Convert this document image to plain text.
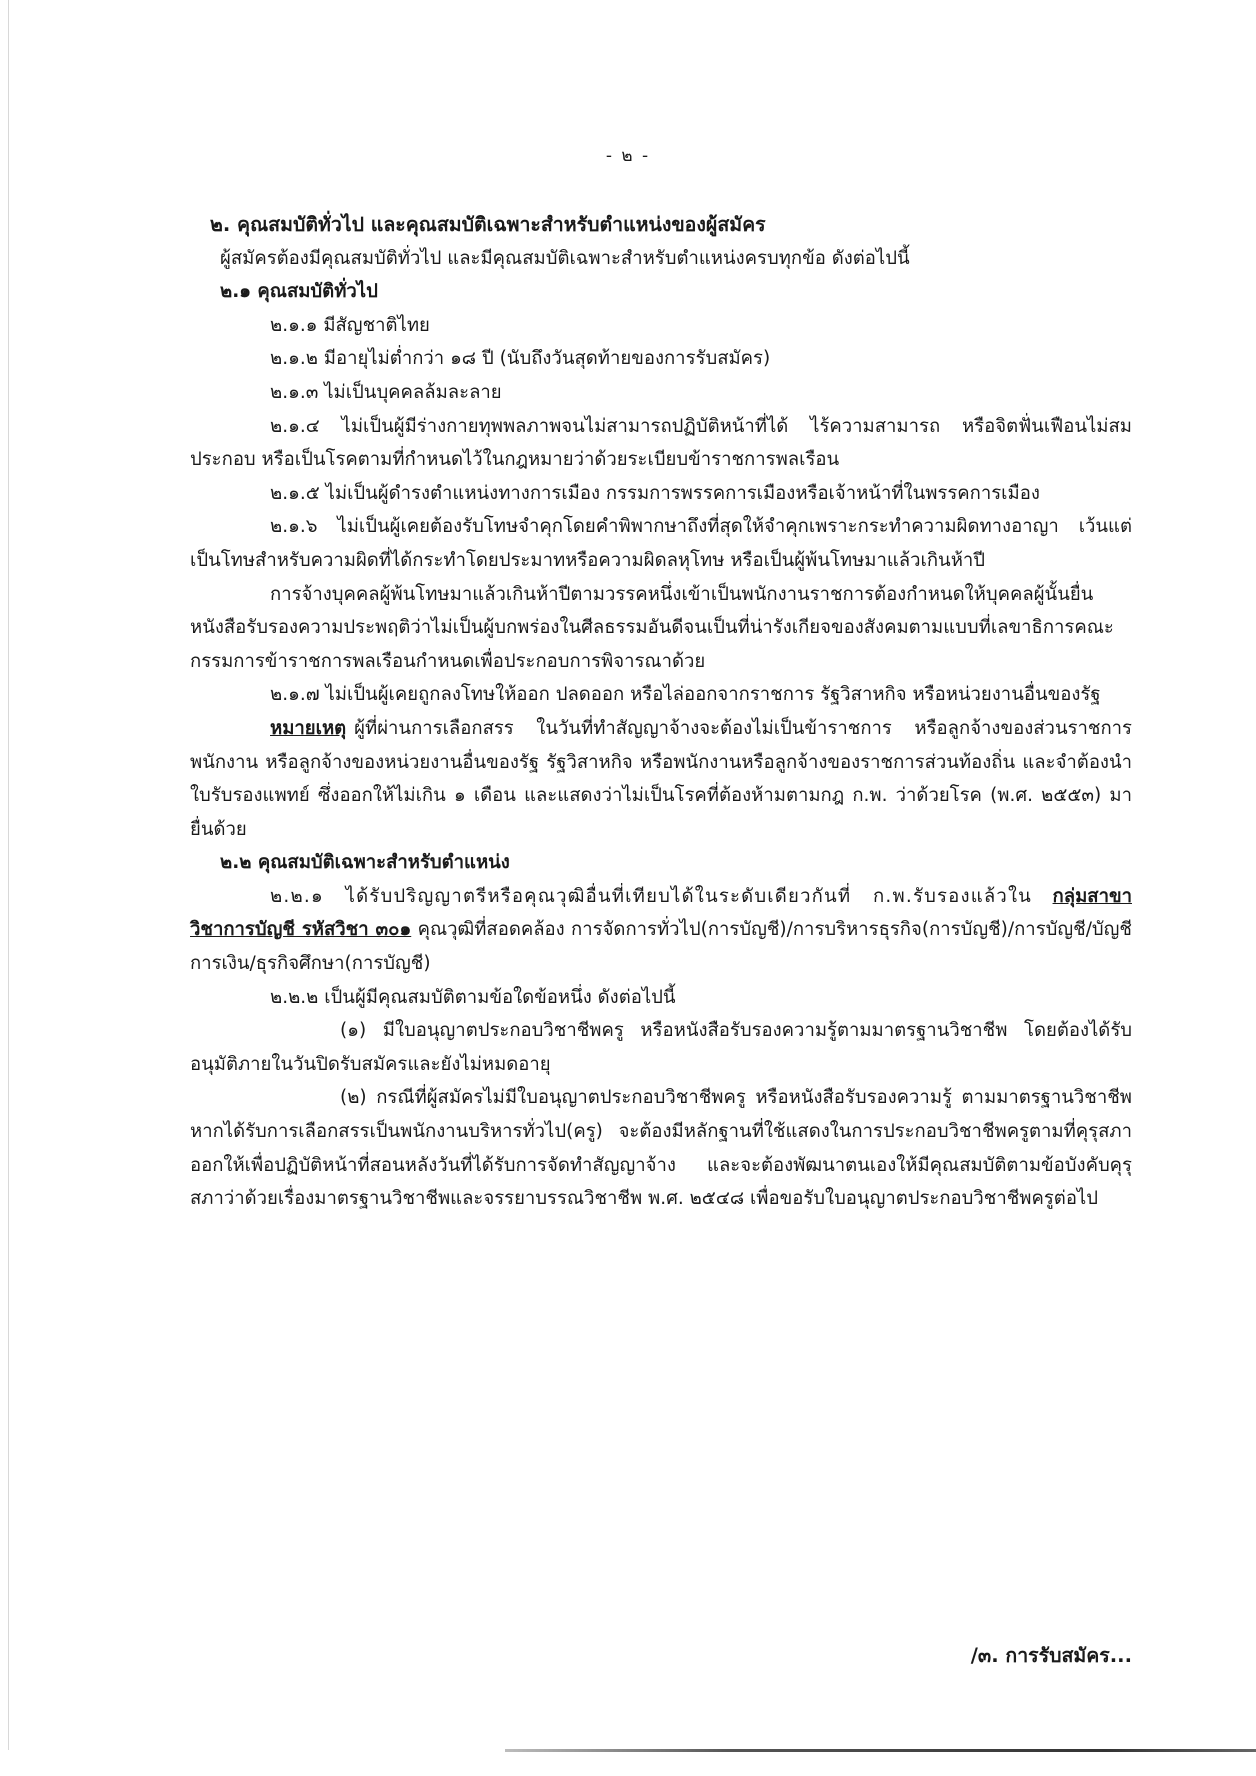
- ๒ -
๒. คุณสมบัติทั่วไป และคุณสมบัติเฉพาะสำหรับตำแหน่งของผู้สมัคร
ผู้สมัครต้องมีคุณสมบัติทั่วไป และมีคุณสมบัติเฉพาะสำหรับตำแหน่งครบทุกข้อ ดังต่อไปนี้
๒.๑ คุณสมบัติทั่วไป
๒.๑.๑ มีสัญชาติไทย
๒.๑.๒ มีอายุไม่ต่ำกว่า ๑๘ ปี (นับถึงวันสุดท้ายของการรับสมัคร)
๒.๑.๓ ไม่เป็นบุคคลล้มละลาย
๒.๑.๔ ไม่เป็นผู้มีร่างกายทุพพลภาพจนไม่สามารถปฏิบัติหน้าที่ได้ ไร้ความสามารถ หรือจิตฟั่นเฟือนไม่สมประกอบ หรือเป็นโรคตามที่กำหนดไว้ในกฎหมายว่าด้วยระเบียบข้าราชการพลเรือน
๒.๑.๕ ไม่เป็นผู้ดำรงตำแหน่งทางการเมือง กรรมการพรรคการเมืองหรือเจ้าหน้าที่ในพรรคการเมือง
๒.๑.๖ ไม่เป็นผู้เคยต้องรับโทษจำคุกโดยคำพิพากษาถึงที่สุดให้จำคุกเพราะกระทำความผิดทางอาญา เว้นแต่เป็นโทษสำหรับความผิดที่ได้กระทำโดยประมาทหรือความผิดลหุโทษ หรือเป็นผู้พ้นโทษมาแล้วเกินห้าปี
การจ้างบุคคลผู้พ้นโทษมาแล้วเกินห้าปีตามวรรคหนึ่งเข้าเป็นพนักงานราชการต้องกำหนดให้บุคคลผู้นั้นยื่นหนังสือรับรองความประพฤติว่าไม่เป็นผู้บกพร่องในศีลธรรมอันดีจนเป็นที่น่ารังเกียจของสังคมตามแบบที่เลขาธิการคณะกรรมการข้าราชการพลเรือนกำหนดเพื่อประกอบการพิจารณาด้วย
๒.๑.๗ ไม่เป็นผู้เคยถูกลงโทษให้ออก ปลดออก หรือไล่ออกจากราชการ รัฐวิสาหกิจ หรือหน่วยงานอื่นของรัฐ
หมายเหตุ ผู้ที่ผ่านการเลือกสรร ในวันที่ทำสัญญาจ้างจะต้องไม่เป็นข้าราชการ หรือลูกจ้างของส่วนราชการ พนักงาน หรือลูกจ้างของหน่วยงานอื่นของรัฐ รัฐวิสาหกิจ หรือพนักงานหรือลูกจ้างของราชการส่วนท้องถิ่น และจำต้องนำใบรับรองแพทย์ ซึ่งออกให้ไม่เกิน ๑ เดือน และแสดงว่าไม่เป็นโรคที่ต้องห้ามตามกฎ ก.พ. ว่าด้วยโรค (พ.ศ. ๒๕๕๓) มายื่นด้วย
๒.๒ คุณสมบัติเฉพาะสำหรับตำแหน่ง
๒.๒.๑ ได้รับปริญญาตรีหรือคุณวุฒิอื่นที่เทียบได้ในระดับเดียวกันที่ ก.พ.รับรองแล้วใน กลุ่มสาขาวิชาการบัญชี รหัสวิชา ๓๐๑ คุณวุฒิที่สอดคล้อง การจัดการทั่วไป(การบัญชี)/การบริหารธุรกิจ(การบัญชี)/การบัญชี/บัญชีการเงิน/ธุรกิจศึกษา(การบัญชี)
๒.๒.๒ เป็นผู้มีคุณสมบัติตามข้อใดข้อหนึ่ง ดังต่อไปนี้
(๑) มีใบอนุญาตประกอบวิชาชีพครู หรือหนังสือรับรองความรู้ตามมาตรฐานวิชาชีพ โดยต้องได้รับอนุมัติภายในวันปิดรับสมัครและยังไม่หมดอายุ
(๒) กรณีที่ผู้สมัครไม่มีใบอนุญาตประกอบวิชาชีพครู หรือหนังสือรับรองความรู้ ตามมาตรฐานวิชาชีพ หากได้รับการเลือกสรรเป็นพนักงานบริหารทั่วไป(ครู) จะต้องมีหลักฐานที่ใช้แสดงในการประกอบวิชาชีพครูตามที่คุรุสภาออกให้เพื่อปฏิบัติหน้าที่สอนหลังวันที่ได้รับการจัดทำสัญญาจ้าง และจะต้องพัฒนาตนเองให้มีคุณสมบัติตามข้อบังคับคุรุสภาว่าด้วยเรื่องมาตรฐานวิชาชีพและจรรยาบรรณวิชาชีพ พ.ศ. ๒๕๔๘ เพื่อขอรับใบอนุญาตประกอบวิชาชีพครูต่อไป
/๓. การรับสมัคร...
